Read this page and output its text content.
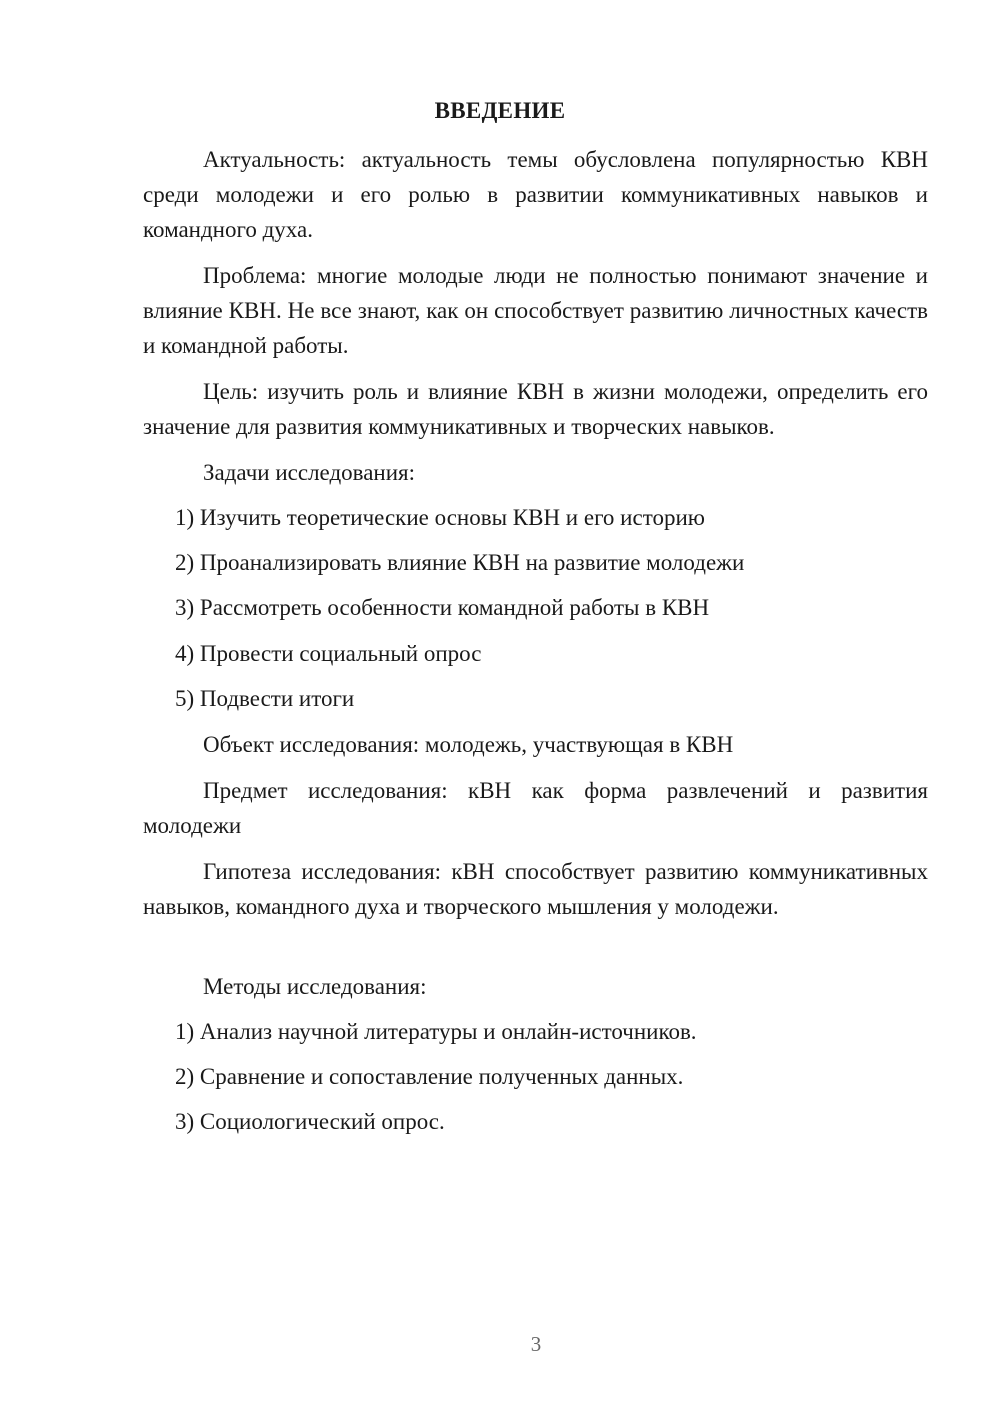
ВВЕДЕНИЕ
Актуальность: актуальность темы обусловлена популярностью КВН среди молодежи и его ролью в развитии коммуникативных навыков и командного духа.
Проблема: многие молодые люди не полностью понимают значение и влияние КВН. Не все знают, как он способствует развитию личностных качеств и командной работы.
Цель: изучить роль и влияние КВН в жизни молодежи, определить его значение для развития коммуникативных и творческих навыков.
Задачи исследования:
1) Изучить теоретические основы КВН и его историю
2) Проанализировать влияние КВН на развитие молодежи
3) Рассмотреть особенности командной работы в КВН
4) Провести социальный опрос
5) Подвести итоги
Объект исследования: молодежь, участвующая в КВН
Предмет исследования: кВН как форма развлечений и развития молодежи
Гипотеза исследования: кВН способствует развитию коммуникативных навыков, командного духа и творческого мышления у молодежи.
Методы исследования:
1) Анализ научной литературы и онлайн-источников.
2) Сравнение и сопоставление полученных данных.
3) Социологический опрос.
3
